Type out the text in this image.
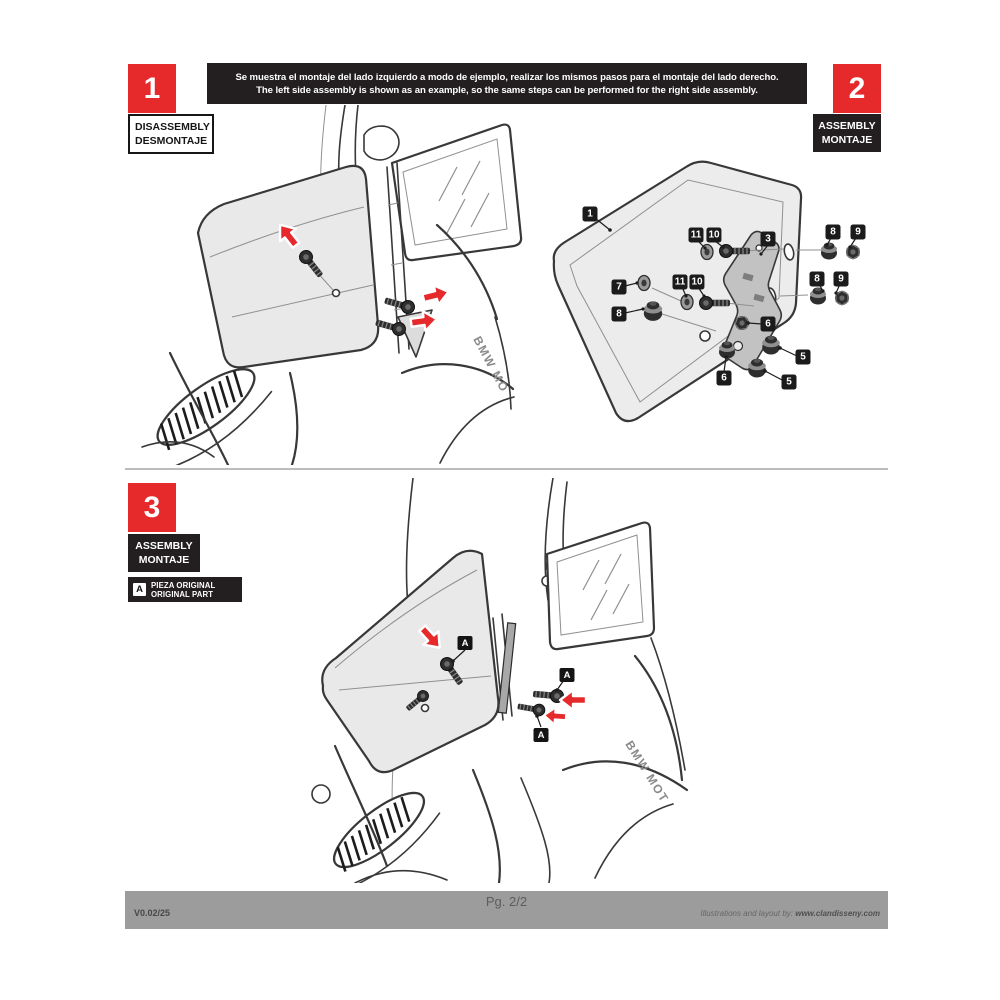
Se muestra el montaje del lado izquierdo a modo de ejemplo, realizar los mismos pasos para el montaje del lado derecho.
The left side assembly is shown as an example, so the same steps can be performed for the right side assembly.
1
DISASSEMBLY
DESMONTAJE
2
ASSEMBLY
MONTAJE
BMW MO
1
11 10	3
8	9
8	9
7
8
11 10
6
5
6	5
3
ASSEMBLY
MONTAJE
A	PIEZA ORIGINAL
ORIGINAL PART
BMW MOT
A
A
A
Pg. 2/2
V0.02/25	Illustrations and layout by: www.clandisseny.com
